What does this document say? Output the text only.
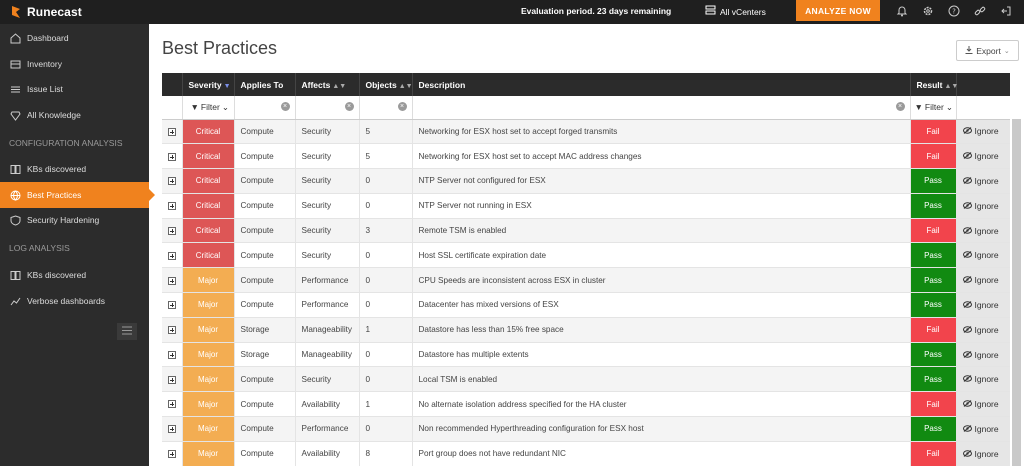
Runecast	Evaluation period. 23 days remaining	All vCenters	ANALYZE NOW	?
Dashboard
Inventory
Issue List
All Knowledge
CONFIGURATION ANALYSIS
KBs discovered
Best Practices
Security Hardening
LOG ANALYSIS
KBs discovered
Verbose dashboards
Best Practices	Export ⌄
	Severity ▼	Applies To	Affects ▲▼	Objects ▲▼	Description	Result ▲▼	

	▼ Filter ⌄	×	×	×	×	▼ Filter ⌄	

	Critical	Compute	Security	5	Networking for ESX host set to accept forged transmits	Fail	Ignore

	Critical	Compute	Security	5	Networking for ESX host set to accept MAC address changes	Fail	Ignore

	Critical	Compute	Security	0	NTP Server not configured for ESX	Pass	Ignore

	Critical	Compute	Security	0	NTP Server not running in ESX	Pass	Ignore

	Critical	Compute	Security	3	Remote TSM is enabled	Fail	Ignore

	Critical	Compute	Security	0	Host SSL certificate expiration date	Pass	Ignore

	Major	Compute	Performance	0	CPU Speeds are inconsistent across ESX in cluster	Pass	Ignore

	Major	Compute	Performance	0	Datacenter has mixed versions of ESX	Pass	Ignore

	Major	Storage	Manageability	1	Datastore has less than 15% free space	Fail	Ignore

	Major	Storage	Manageability	0	Datastore has multiple extents	Pass	Ignore

	Major	Compute	Security	0	Local TSM is enabled	Pass	Ignore

	Major	Compute	Availability	1	No alternate isolation address specified for the HA cluster	Fail	Ignore

	Major	Compute	Performance	0	Non recommended Hyperthreading configuration for ESX host	Pass	Ignore

	Major	Compute	Availability	8	Port group does not have redundant NIC	Fail	Ignore
